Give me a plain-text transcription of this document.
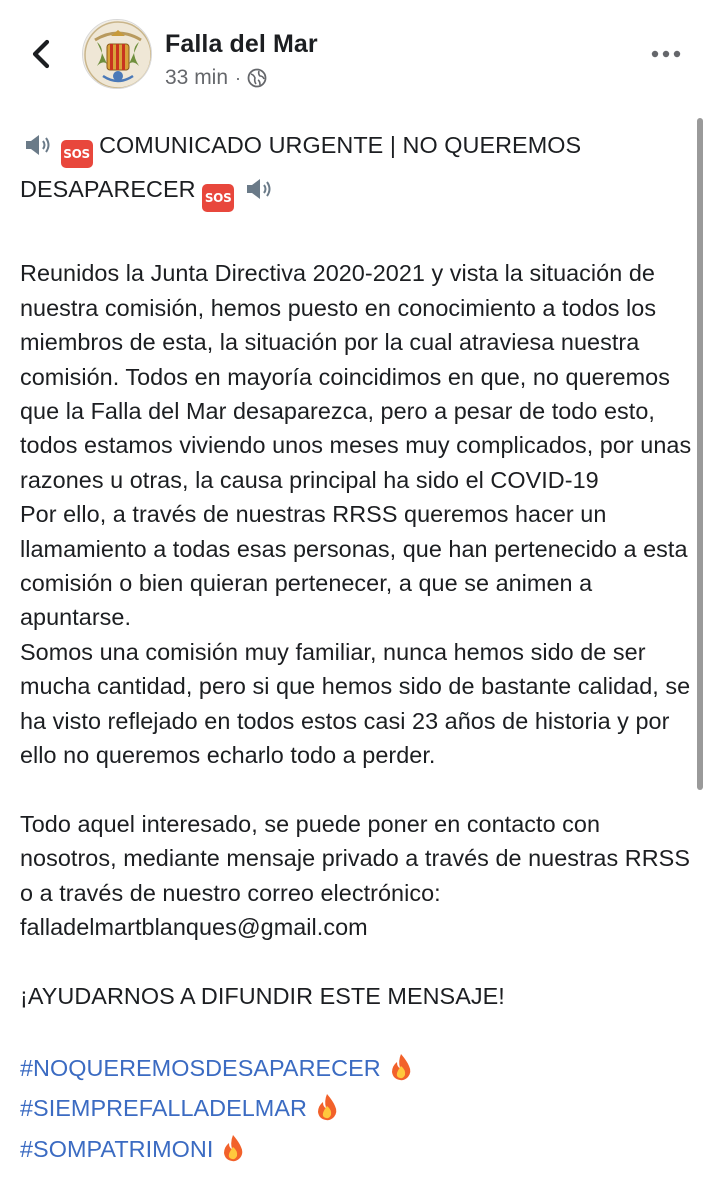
Falla del Mar
33 min ·

SOS COMUNICADO URGENTE | NO QUEREMOS

DESAPARECER SOS

Reunidos la Junta Directiva 2020-2021 y vista la situación de nuestra comisión, hemos puesto en conocimiento a todos los miembros de esta, la situación por la cual atraviesa nuestra comisión. Todos en mayoría coincidimos en que, no queremos que la Falla del Mar desaparezca, pero a pesar de todo esto, todos estamos viviendo unos meses muy complicados, por unas razones u otras, la causa principal ha sido el COVID-19

Por ello, a través de nuestras RRSS queremos hacer un llamamiento a todas esas personas, que han pertenecido a esta comisión o bien quieran pertenecer, a que se animen a apuntarse.

Somos una comisión muy familiar, nunca hemos sido de ser mucha cantidad, pero si que hemos sido de bastante calidad, se ha visto reflejado en todos estos casi 23 años de historia y por ello no queremos echarlo todo a perder.

Todo aquel interesado, se puede poner en contacto con nosotros, mediante mensaje privado a través de nuestras RRSS o a través de nuestro correo electrónico:

falladelmartblanques@gmail.com

¡AYUDARNOS A DIFUNDIR ESTE MENSAJE!

#NOQUEREMOSDESAPARECER

#SIEMPREFALLADELMAR

#SOMPATRIMONI
